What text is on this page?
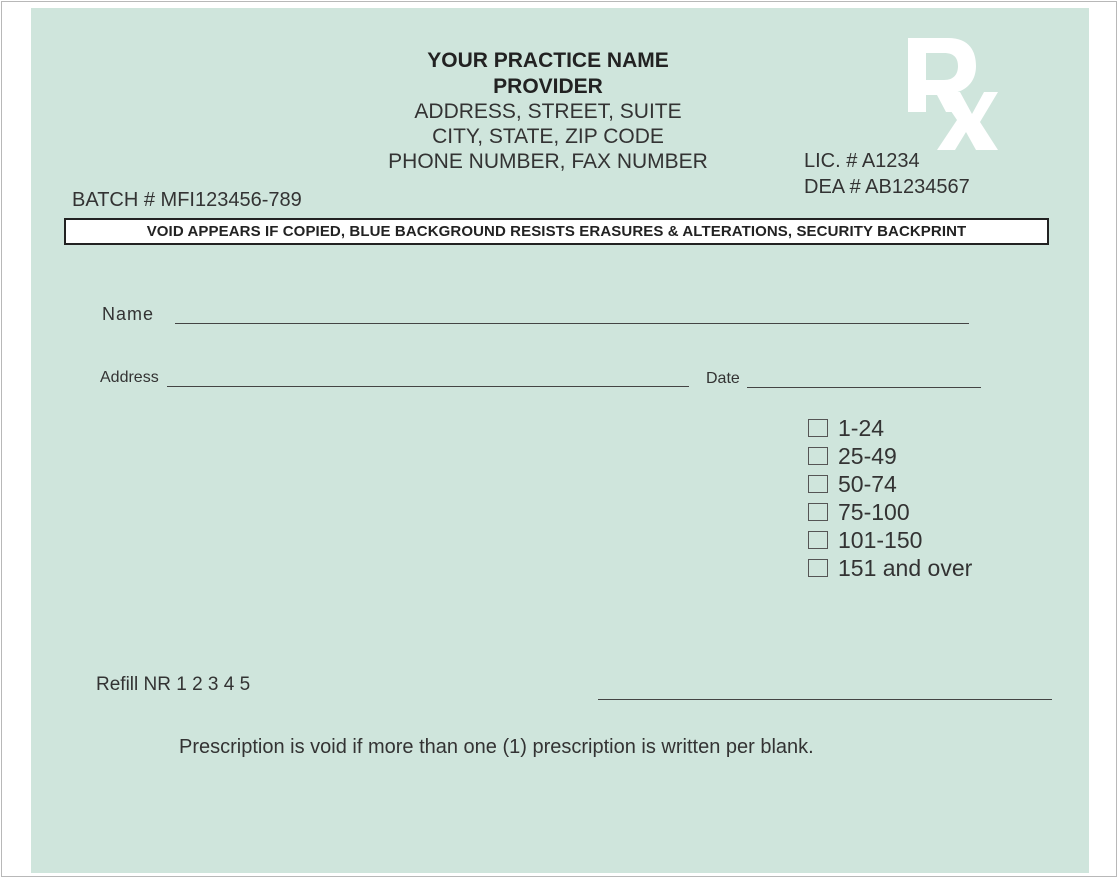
YOUR PRACTICE NAME
PROVIDER
ADDRESS, STREET, SUITE
CITY, STATE, ZIP CODE
PHONE NUMBER, FAX NUMBER	LIC. # A1234
DEA # AB1234567
BATCH # MFI123456-789
VOID APPEARS IF COPIED, BLUE BACKGROUND RESISTS ERASURES & ALTERATIONS, SECURITY BACKPRINT
Name
Address	Date
1-24
25-49
50-74
75-100
101-150
151 and over
Refill NR 1 2 3 4 5
Prescription is void if more than one (1) prescription is written per blank.
